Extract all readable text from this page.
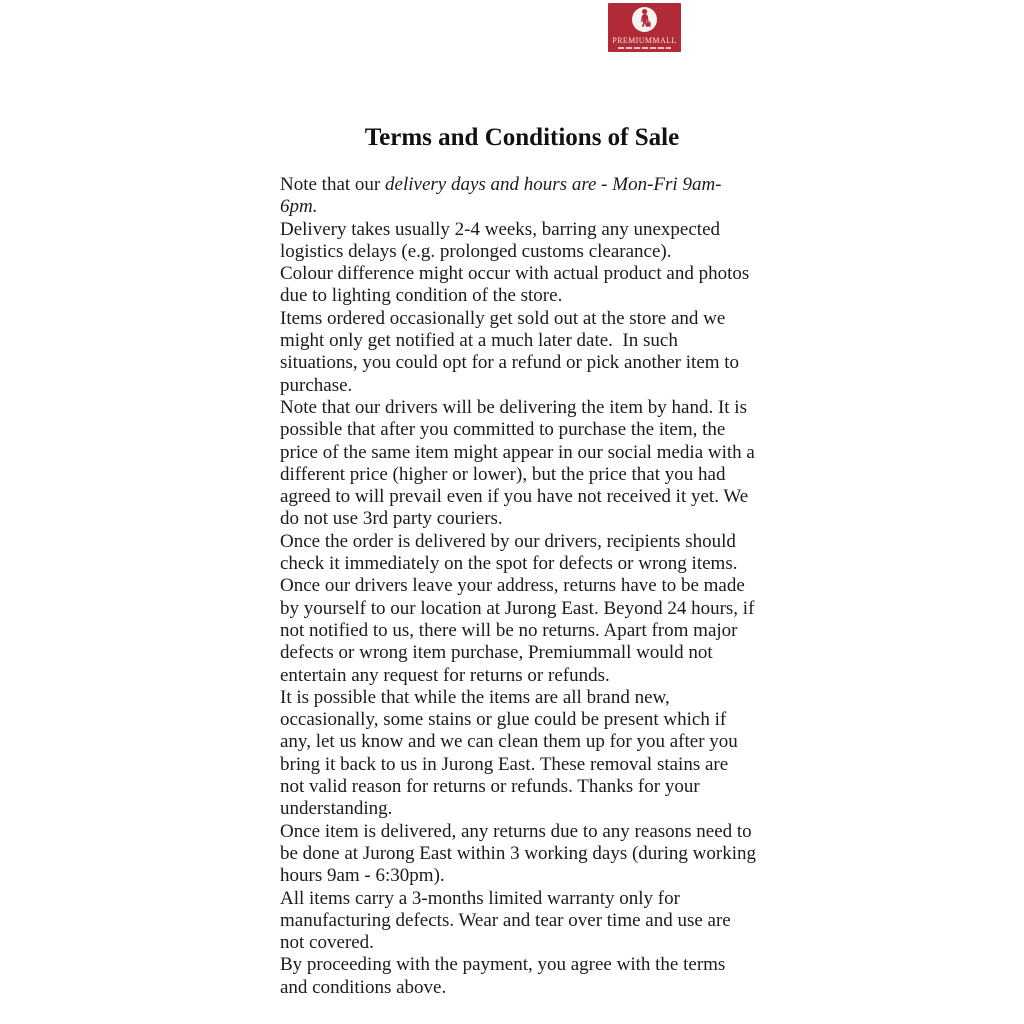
PREMIUMMALL
Terms and Conditions of Sale
Note that our delivery days and hours are - Mon-Fri 9am-
6pm.
Delivery takes usually 2-4 weeks, barring any unexpected
logistics delays (e.g. prolonged customs clearance).
Colour difference might occur with actual product and photos
due to lighting condition of the store.
Items ordered occasionally get sold out at the store and we
might only get notified at a much later date.  In such
situations, you could opt for a refund or pick another item to
purchase.
Note that our drivers will be delivering the item by hand. It is
possible that after you committed to purchase the item, the
price of the same item might appear in our social media with a
different price (higher or lower), but the price that you had
agreed to will prevail even if you have not received it yet. We
do not use 3rd party couriers.
Once the order is delivered by our drivers, recipients should
check it immediately on the spot for defects or wrong items.
Once our drivers leave your address, returns have to be made
by yourself to our location at Jurong East. Beyond 24 hours, if
not notified to us, there will be no returns. Apart from major
defects or wrong item purchase, Premiummall would not
entertain any request for returns or refunds.
It is possible that while the items are all brand new,
occasionally, some stains or glue could be present which if
any, let us know and we can clean them up for you after you
bring it back to us in Jurong East. These removal stains are
not valid reason for returns or refunds. Thanks for your
understanding.
Once item is delivered, any returns due to any reasons need to
be done at Jurong East within 3 working days (during working
hours 9am - 6:30pm).
All items carry a 3-months limited warranty only for
manufacturing defects. Wear and tear over time and use are
not covered.
By proceeding with the payment, you agree with the terms
and conditions above.
